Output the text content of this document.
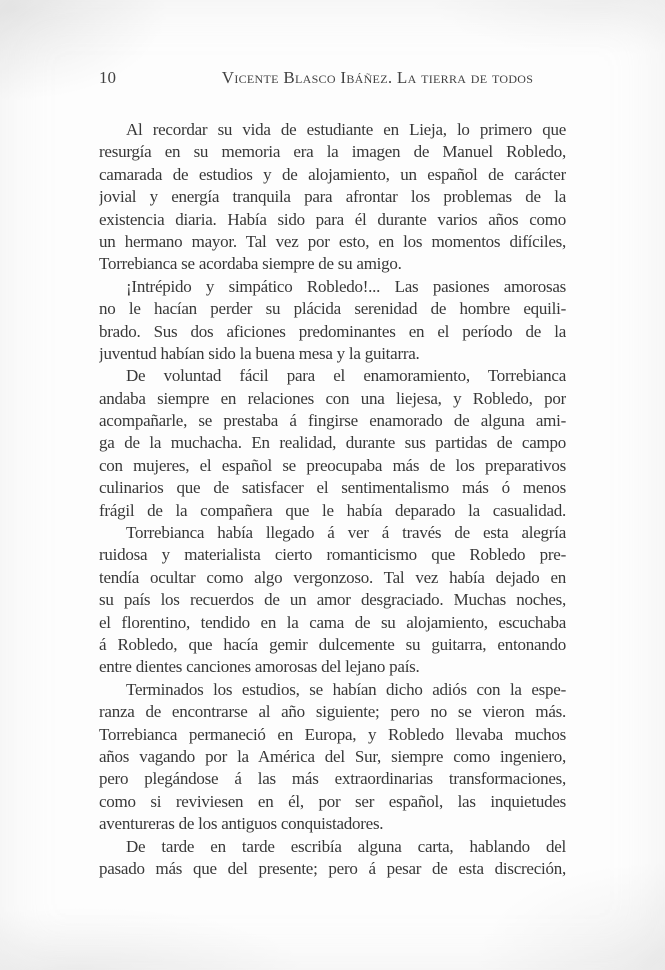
10	Vicente Blasco Ibáñez. La tierra de todos
Al recordar su vida de estudiante en Lieja, lo primero que
resurgía en su memoria era la imagen de Manuel Robledo,
camarada de estudios y de alojamiento, un español de carácter
jovial y energía tranquila para afrontar los problemas de la
existencia diaria. Había sido para él durante varios años como
un hermano mayor. Tal vez por esto, en los momentos difíciles,
Torrebianca se acordaba siempre de su amigo.
¡Intrépido y simpático Robledo!... Las pasiones amorosas
no le hacían perder su plácida serenidad de hombre equili-
brado. Sus dos aficiones predominantes en el período de la
juventud habían sido la buena mesa y la guitarra.
De voluntad fácil para el enamoramiento, Torrebianca
andaba siempre en relaciones con una liejesa, y Robledo, por
acompañarle, se prestaba á fingirse enamorado de alguna ami-
ga de la muchacha. En realidad, durante sus partidas de campo
con mujeres, el español se preocupaba más de los preparativos
culinarios que de satisfacer el sentimentalismo más ó menos
frágil de la compañera que le había deparado la casualidad.
Torrebianca había llegado á ver á través de esta alegría
ruidosa y materialista cierto romanticismo que Robledo pre-
tendía ocultar como algo vergonzoso. Tal vez había dejado en
su país los recuerdos de un amor desgraciado. Muchas noches,
el florentino, tendido en la cama de su alojamiento, escuchaba
á Robledo, que hacía gemir dulcemente su guitarra, entonando
entre dientes canciones amorosas del lejano país.
Terminados los estudios, se habían dicho adiós con la espe-
ranza de encontrarse al año siguiente; pero no se vieron más.
Torrebianca permaneció en Europa, y Robledo llevaba muchos
años vagando por la América del Sur, siempre como ingeniero,
pero plegándose á las más extraordinarias transformaciones,
como si reviviesen en él, por ser español, las inquietudes
aventureras de los antiguos conquistadores.
De tarde en tarde escribía alguna carta, hablando del
pasado más que del presente; pero á pesar de esta discreción,
